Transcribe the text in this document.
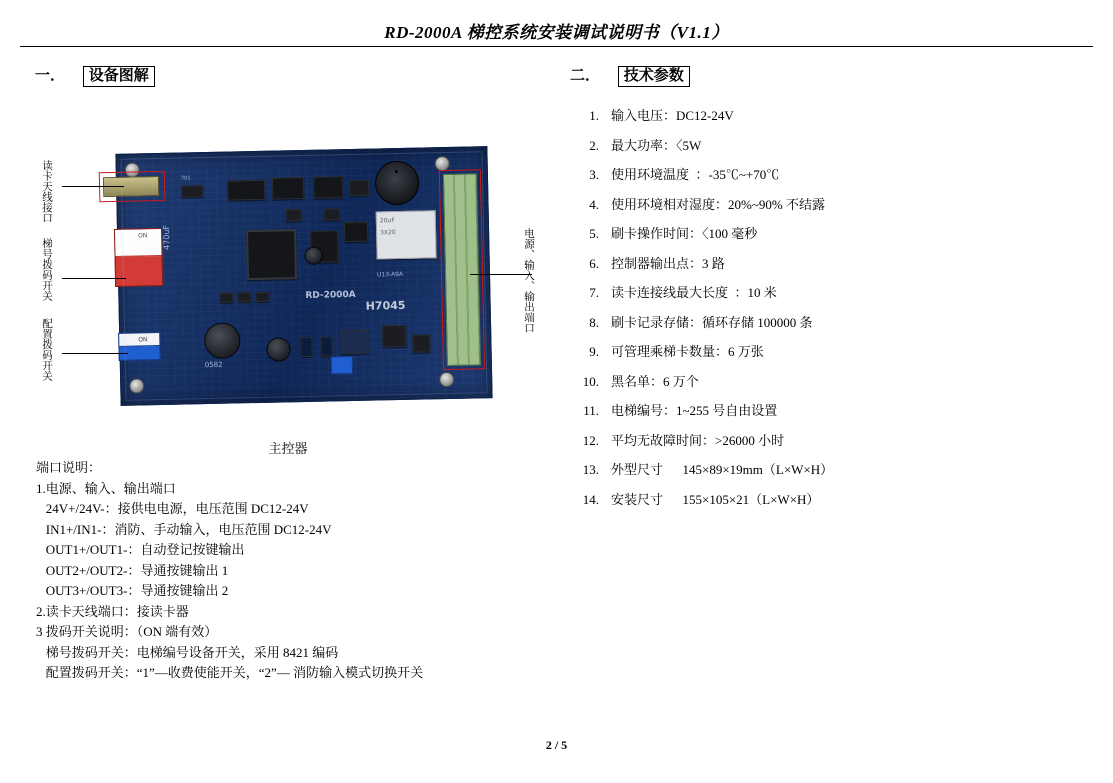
RD-2000A 梯控系统安装调试说明书（V1.1）
一． 设备图解	二． 技术参数
1. 输入电压：DC12-24V
2. 最大功率：〈5W
3. 使用环境温度  ：-35℃~+70℃
4. 使用环境相对湿度：20%~90% 不结露
5. 刷卡操作时间：〈100 毫秒
6. 控制器输出点：3 路
7. 读卡连接线最大长度  ：10 米
8. 刷卡记录存储：循环存储 100000 条
9. 可管理乘梯卡数量：6 万张
10. 黑名单：6 万个
11. 电梯编号：1~255 号自由设置
12. 平均无故障时间：>26000 小时
13. 外型尺寸      145×89×19mm（L×W×H）
14. 安装尺寸      155×105×21（L×W×H）
701
20uF
3X20
RD-2000A
H7045
U13-A9A
0582
470uF
ON
ON
读卡天线接口
梯号拨码开关
配置拨码开关
电源、输入、输出端口
主控器
端口说明：
1.电源、输入、输出端口
24V+/24V-：接供电电源，电压范围 DC12-24V
IN1+/IN1-：消防、手动输入，电压范围 DC12-24V
OUT1+/OUT1-：自动登记按键输出
OUT2+/OUT2-：导通按键输出 1
OUT3+/OUT3-：导通按键输出 2
2.读卡天线端口：接读卡器
3 拨码开关说明：（ON 端有效）
梯号拨码开关：电梯编号设备开关，采用 8421 编码
配置拨码开关：“1”—收费使能开关，“2”— 消防输入模式切换开关
2 / 5
